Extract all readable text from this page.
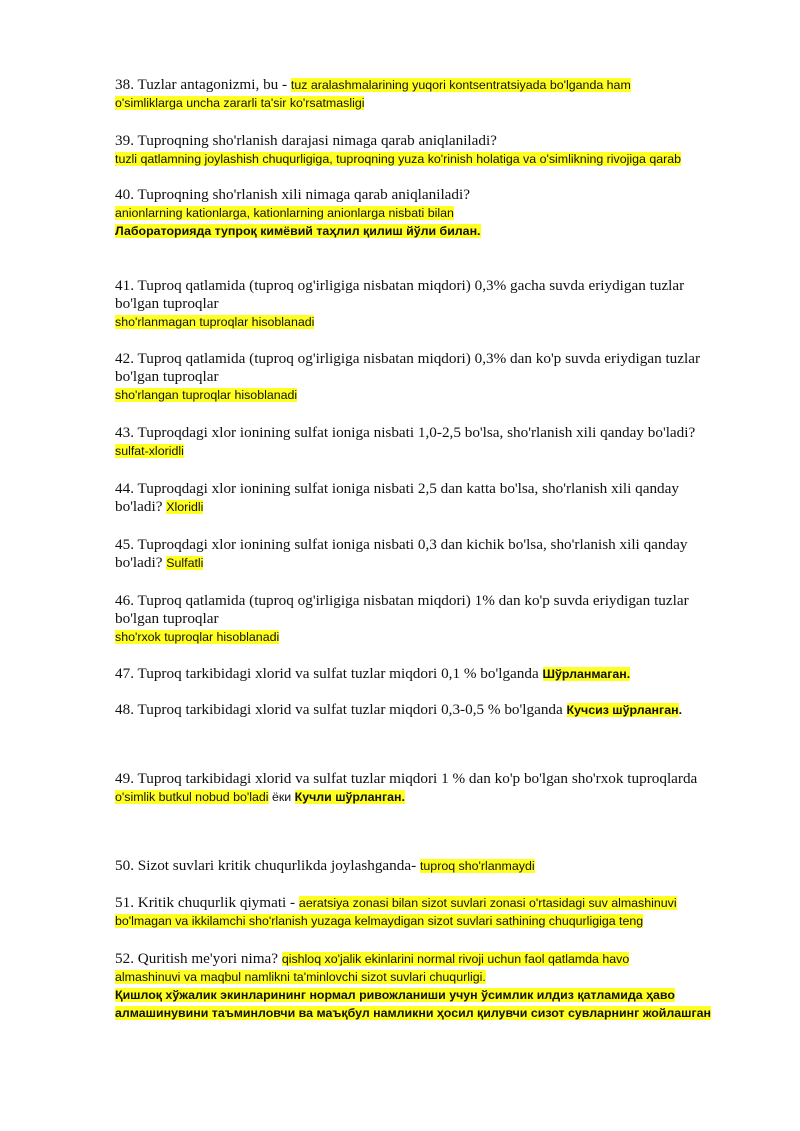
38. Tuzlar antagonizmi, bu - tuz aralashmalarining yuqori kontsentratsiyada bo'lganda ham
o'simliklarga uncha zararli ta'sir ko'rsatmasligi
39. Tuproqning sho'rlanish darajasi nimaga qarab aniqlaniladi?
tuzli qatlamning joylashish chuqurligiga, tuproqning yuza ko'rinish holatiga va o'simlikning rivojiga qarab
40. Tuproqning sho'rlanish xili nimaga qarab aniqlaniladi?
anionlarning kationlarga, kationlarning anionlarga nisbati bilan
Лабораторияда тупроқ кимёвий таҳлил қилиш йўли билан.
41. Tuproq qatlamida (tuproq og'irligiga nisbatan miqdori) 0,3% gacha suvda eriydigan tuzlar
bo'lgan tuproqlar
sho'rlanmagan tuproqlar hisoblanadi
42. Tuproq qatlamida (tuproq og'irligiga nisbatan miqdori) 0,3% dan ko'p suvda eriydigan tuzlar
bo'lgan tuproqlar
sho'rlangan tuproqlar hisoblanadi
43. Tuproqdagi xlor ionining sulfat ioniga nisbati 1,0-2,5 bo'lsa, sho'rlanish xili qanday bo'ladi?
sulfat-xloridli
44. Tuproqdagi xlor ionining sulfat ioniga nisbati 2,5 dan katta bo'lsa, sho'rlanish xili qanday
bo'ladi? Xloridli
45. Tuproqdagi xlor ionining sulfat ioniga nisbati 0,3 dan kichik bo'lsa, sho'rlanish xili qanday
bo'ladi? Sulfatli
46. Tuproq qatlamida (tuproq og'irligiga nisbatan miqdori) 1% dan ko'p suvda eriydigan tuzlar
bo'lgan tuproqlar
sho'rxok tuproqlar hisoblanadi
47. Tuproq tarkibidagi xlorid va sulfat tuzlar miqdori 0,1 % bo'lganda Шўрланмаган.
48. Tuproq tarkibidagi xlorid va sulfat tuzlar miqdori 0,3-0,5 % bo'lganda Кучсиз шўрланган.
49. Tuproq tarkibidagi xlorid va sulfat tuzlar miqdori 1 % dan ko'p bo'lgan sho'rxok tuproqlarda
o'simlik butkul nobud bo'ladi ёки Кучли шўрланган.
50. Sizot suvlari kritik chuqurlikda joylashganda- tuproq sho'rlanmaydi
51. Kritik chuqurlik qiymati - aeratsiya zonasi bilan sizot suvlari zonasi o'rtasidagi suv almashinuvi
bo'lmagan va ikkilamchi sho'rlanish yuzaga kelmaydigan sizot suvlari sathining chuqurligiga teng
52. Quritish me'yori nima? qishloq xo'jalik ekinlarini normal rivoji uchun faol qatlamda havo
almashinuvi va maqbul namlikni ta'minlovchi sizot suvlari chuqurligi.
Қишлоқ хўжалик экинларининг нормал ривожланиши учун ўсимлик илдиз қатламида ҳаво
алмашинувини таъминловчи ва маъқбул намликни ҳосил қилувчи сизот сувларнинг жойлашган
